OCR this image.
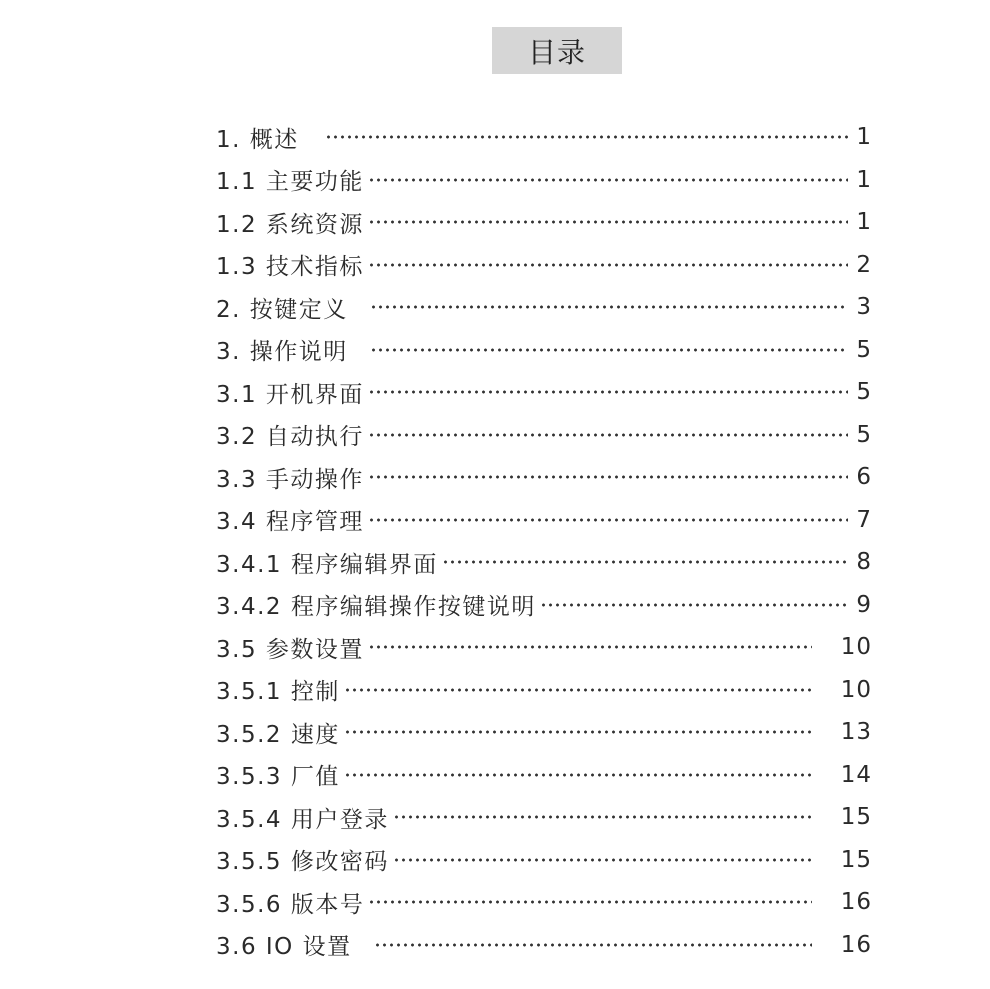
目录
1. 概述	1
1.1 主要功能	1
1.2 系统资源	1
1.3 技术指标	2
2. 按键定义	3
3. 操作说明	5
3.1 开机界面	5
3.2 自动执行	5
3.3 手动操作	6
3.4 程序管理	7
3.4.1 程序编辑界面	8
3.4.2 程序编辑操作按键说明	9
3.5 参数设置	10
3.5.1 控制	10
3.5.2 速度	13
3.5.3 厂值	14
3.5.4 用户登录	15
3.5.5 修改密码	15
3.5.6 版本号	16
3.6 IO 设置	16
